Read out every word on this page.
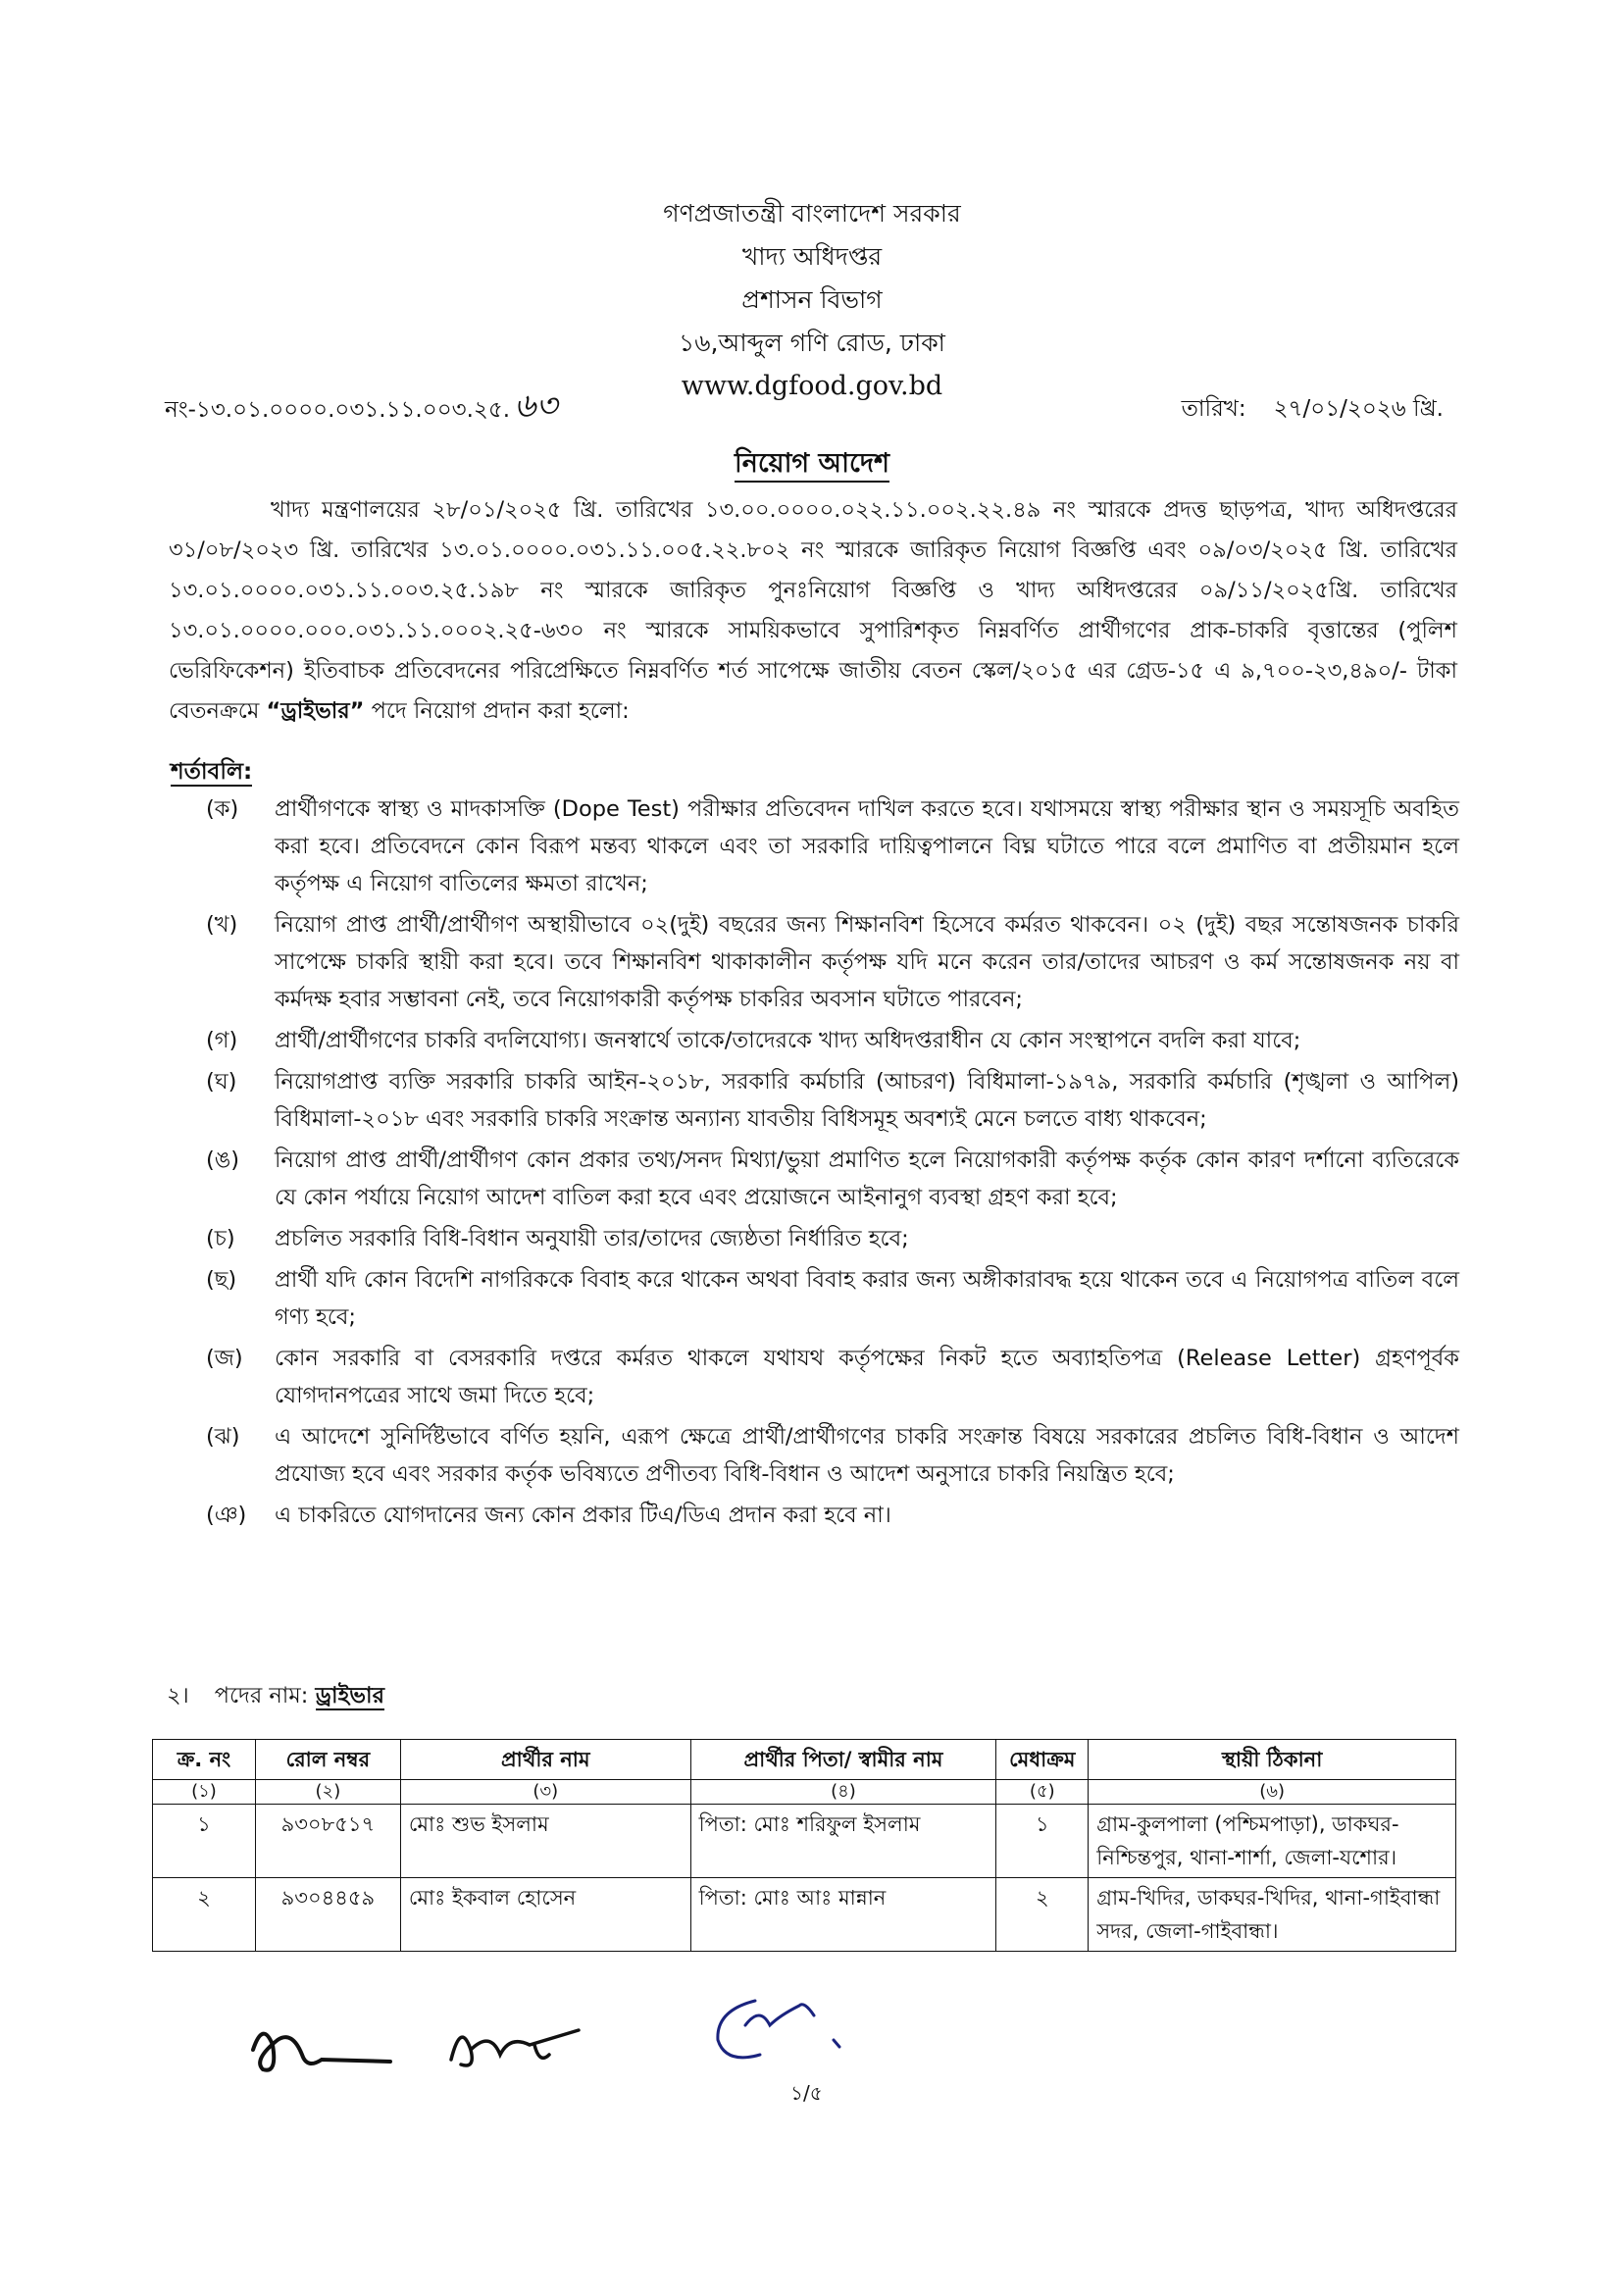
গণপ্রজাতন্ত্রী বাংলাদেশ সরকার
খাদ্য অধিদপ্তর
প্রশাসন বিভাগ
১৬,আব্দুল গণি রোড, ঢাকা
www.dgfood.gov.bd
নং-১৩.০১.০০০০.০৩১.১১.০০৩.২৫. ৬৩	তারিখ: ২৭/০১/২০২৬ খ্রি.
নিয়োগ আদেশ
খাদ্য মন্ত্রণালয়ের ২৮/০১/২০২৫ খ্রি. তারিখের ১৩.০০.০০০০.০২২.১১.০০২.২২.৪৯ নং স্মারকে প্রদত্ত ছাড়পত্র, খাদ্য অধিদপ্তরের ৩১/০৮/২০২৩ খ্রি. তারিখের ১৩.০১.০০০০.০৩১.১১.০০৫.২২.৮০২ নং স্মারকে জারিকৃত নিয়োগ বিজ্ঞপ্তি এবং ০৯/০৩/২০২৫ খ্রি. তারিখের ১৩.০১.০০০০.০৩১.১১.০০৩.২৫.১৯৮ নং স্মারকে জারিকৃত পুনঃনিয়োগ বিজ্ঞপ্তি ও খাদ্য অধিদপ্তরের ০৯/১১/২০২৫খ্রি. তারিখের ১৩.০১.০০০০.০০০.০৩১.১১.০০০২.২৫-৬৩০ নং স্মারকে সাময়িকভাবে সুপারিশকৃত নিম্নবর্ণিত প্রার্থীগণের প্রাক-চাকরি বৃত্তান্তের (পুলিশ ভেরিফিকেশন) ইতিবাচক প্রতিবেদনের পরিপ্রেক্ষিতে নিম্নবর্ণিত শর্ত সাপেক্ষে জাতীয় বেতন স্কেল/২০১৫ এর গ্রেড-১৫ এ ৯,৭০০-২৩,৪৯০/- টাকা বেতনক্রমে “ড্রাইভার” পদে নিয়োগ প্রদান করা হলো:
শর্তাবলি:
(ক)	প্রার্থীগণকে স্বাস্থ্য ও মাদকাসক্তি (Dope Test) পরীক্ষার প্রতিবেদন দাখিল করতে হবে। যথাসময়ে স্বাস্থ্য পরীক্ষার স্থান ও সময়সূচি অবহিত করা হবে। প্রতিবেদনে কোন বিরূপ মন্তব্য থাকলে এবং তা সরকারি দায়িত্বপালনে বিঘ্ন ঘটাতে পারে বলে প্রমাণিত বা প্রতীয়মান হলে কর্তৃপক্ষ এ নিয়োগ বাতিলের ক্ষমতা রাখেন;
(খ)	নিয়োগ প্রাপ্ত প্রার্থী/প্রার্থীগণ অস্থায়ীভাবে ০২(দুই) বছরের জন্য শিক্ষানবিশ হিসেবে কর্মরত থাকবেন। ০২ (দুই) বছর সন্তোষজনক চাকরি সাপেক্ষে চাকরি স্থায়ী করা হবে। তবে শিক্ষানবিশ থাকাকালীন কর্তৃপক্ষ যদি মনে করেন তার/তাদের আচরণ ও কর্ম সন্তোষজনক নয় বা কর্মদক্ষ হবার সম্ভাবনা নেই, তবে নিয়োগকারী কর্তৃপক্ষ চাকরির অবসান ঘটাতে পারবেন;
(গ)	প্রার্থী/প্রার্থীগণের চাকরি বদলিযোগ্য। জনস্বার্থে তাকে/তাদেরকে খাদ্য অধিদপ্তরাধীন যে কোন সংস্থাপনে বদলি করা যাবে;
(ঘ)	নিয়োগপ্রাপ্ত ব্যক্তি সরকারি চাকরি আইন-২০১৮, সরকারি কর্মচারি (আচরণ) বিধিমালা-১৯৭৯, সরকারি কর্মচারি (শৃঙ্খলা ও আপিল) বিধিমালা-২০১৮ এবং সরকারি চাকরি সংক্রান্ত অন্যান্য যাবতীয় বিধিসমূহ অবশ্যই মেনে চলতে বাধ্য থাকবেন;
(ঙ)	নিয়োগ প্রাপ্ত প্রার্থী/প্রার্থীগণ কোন প্রকার তথ্য/সনদ মিথ্যা/ভুয়া প্রমাণিত হলে নিয়োগকারী কর্তৃপক্ষ কর্তৃক কোন কারণ দর্শানো ব্যতিরেকে যে কোন পর্যায়ে নিয়োগ আদেশ বাতিল করা হবে এবং প্রয়োজনে আইনানুগ ব্যবস্থা গ্রহণ করা হবে;
(চ)	প্রচলিত সরকারি বিধি-বিধান অনুযায়ী তার/তাদের জ্যেষ্ঠতা নির্ধারিত হবে;
(ছ)	প্রার্থী যদি কোন বিদেশি নাগরিককে বিবাহ করে থাকেন অথবা বিবাহ করার জন্য অঙ্গীকারাবদ্ধ হয়ে থাকেন তবে এ নিয়োগপত্র বাতিল বলে গণ্য হবে;
(জ)	কোন সরকারি বা বেসরকারি দপ্তরে কর্মরত থাকলে যথাযথ কর্তৃপক্ষের নিকট হতে অব্যাহতিপত্র (Release Letter) গ্রহণপূর্বক যোগদানপত্রের সাথে জমা দিতে হবে;
(ঝ)	এ আদেশে সুনির্দিষ্টভাবে বর্ণিত হয়নি, এরূপ ক্ষেত্রে প্রার্থী/প্রার্থীগণের চাকরি সংক্রান্ত বিষয়ে সরকারের প্রচলিত বিধি-বিধান ও আদেশ প্রযোজ্য হবে এবং সরকার কর্তৃক ভবিষ্যতে প্রণীতব্য বিধি-বিধান ও আদেশ অনুসারে চাকরি নিয়ন্ত্রিত হবে;
(ঞ)	এ চাকরিতে যোগদানের জন্য কোন প্রকার টিএ/ডিএ প্রদান করা হবে না।
২। পদের নাম: ড্রাইভার
ক্র. নং	রোল নম্বর	প্রার্থীর নাম	প্রার্থীর পিতা/ স্বামীর নাম	মেধাক্রম	স্থায়ী ঠিকানা
(১)	(২)	(৩)	(৪)	(৫)	(৬)
১	৯৩০৮৫১৭	মোঃ শুভ ইসলাম	পিতা: মোঃ শরিফুল ইসলাম	১	গ্রাম-কুলপালা (পশ্চিমপাড়া), ডাকঘর-নিশ্চিন্তপুর, থানা-শার্শা, জেলা-যশোর।
২	৯৩০৪৪৫৯	মোঃ ইকবাল হোসেন	পিতা: মোঃ আঃ মান্নান	২	গ্রাম-খিদির, ডাকঘর-খিদির, থানা-গাইবান্ধা সদর, জেলা-গাইবান্ধা।
১/৫
